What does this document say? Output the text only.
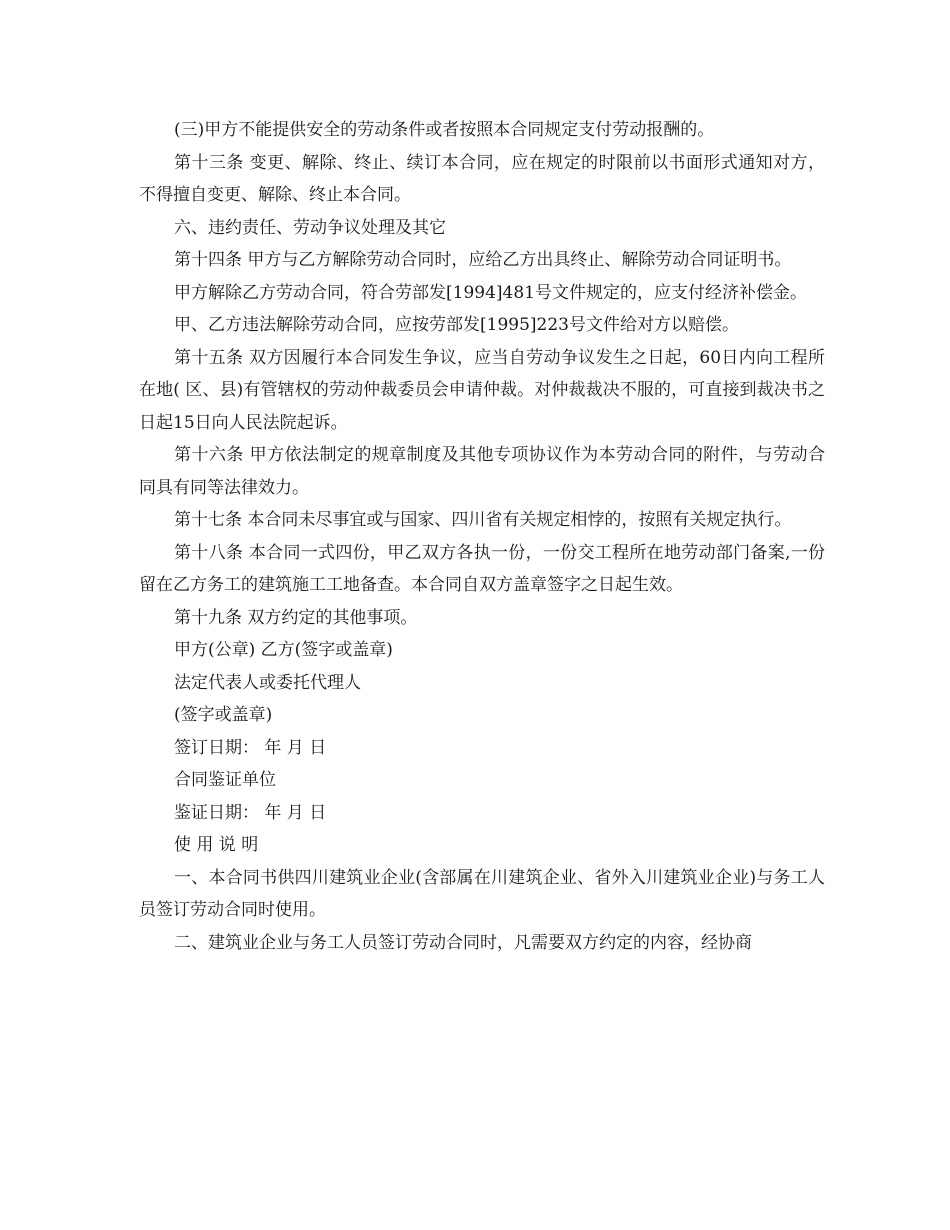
(三)甲方不能提供安全的劳动条件或者按照本合同规定支付劳动报酬的。

第十三条 变更、解除、终止、续订本合同，应在规定的时限前以书面形式通知对方，不得擅自变更、解除、终止本合同。

六、违约责任、劳动争议处理及其它

第十四条 甲方与乙方解除劳动合同时，应给乙方出具终止、解除劳动合同证明书。

甲方解除乙方劳动合同，符合劳部发[1994]481号文件规定的，应支付经济补偿金。

甲、乙方违法解除劳动合同，应按劳部发[1995]223号文件给对方以赔偿。

第十五条 双方因履行本合同发生争议，应当自劳动争议发生之日起，60日内向工程所在地( 区、县)有管辖权的劳动仲裁委员会申请仲裁。对仲裁裁决不服的，可直接到裁决书之日起15日向人民法院起诉。

第十六条 甲方依法制定的规章制度及其他专项协议作为本劳动合同的附件，与劳动合同具有同等法律效力。

第十七条 本合同未尽事宜或与国家、四川省有关规定相悖的，按照有关规定执行。

第十八条 本合同一式四份，甲乙双方各执一份，一份交工程所在地劳动部门备案,一份留在乙方务工的建筑施工工地备查。本合同自双方盖章签字之日起生效。

第十九条 双方约定的其他事项。

甲方(公章) 乙方(签字或盖章)

法定代表人或委托代理人

(签字或盖章)

签订日期： 年 月 日

合同鉴证单位

鉴证日期： 年 月 日

使 用 说 明

一、本合同书供四川建筑业企业(含部属在川建筑企业、省外入川建筑业企业)与务工人员签订劳动合同时使用。

二、建筑业企业与务工人员签订劳动合同时，凡需要双方约定的内容，经协商
